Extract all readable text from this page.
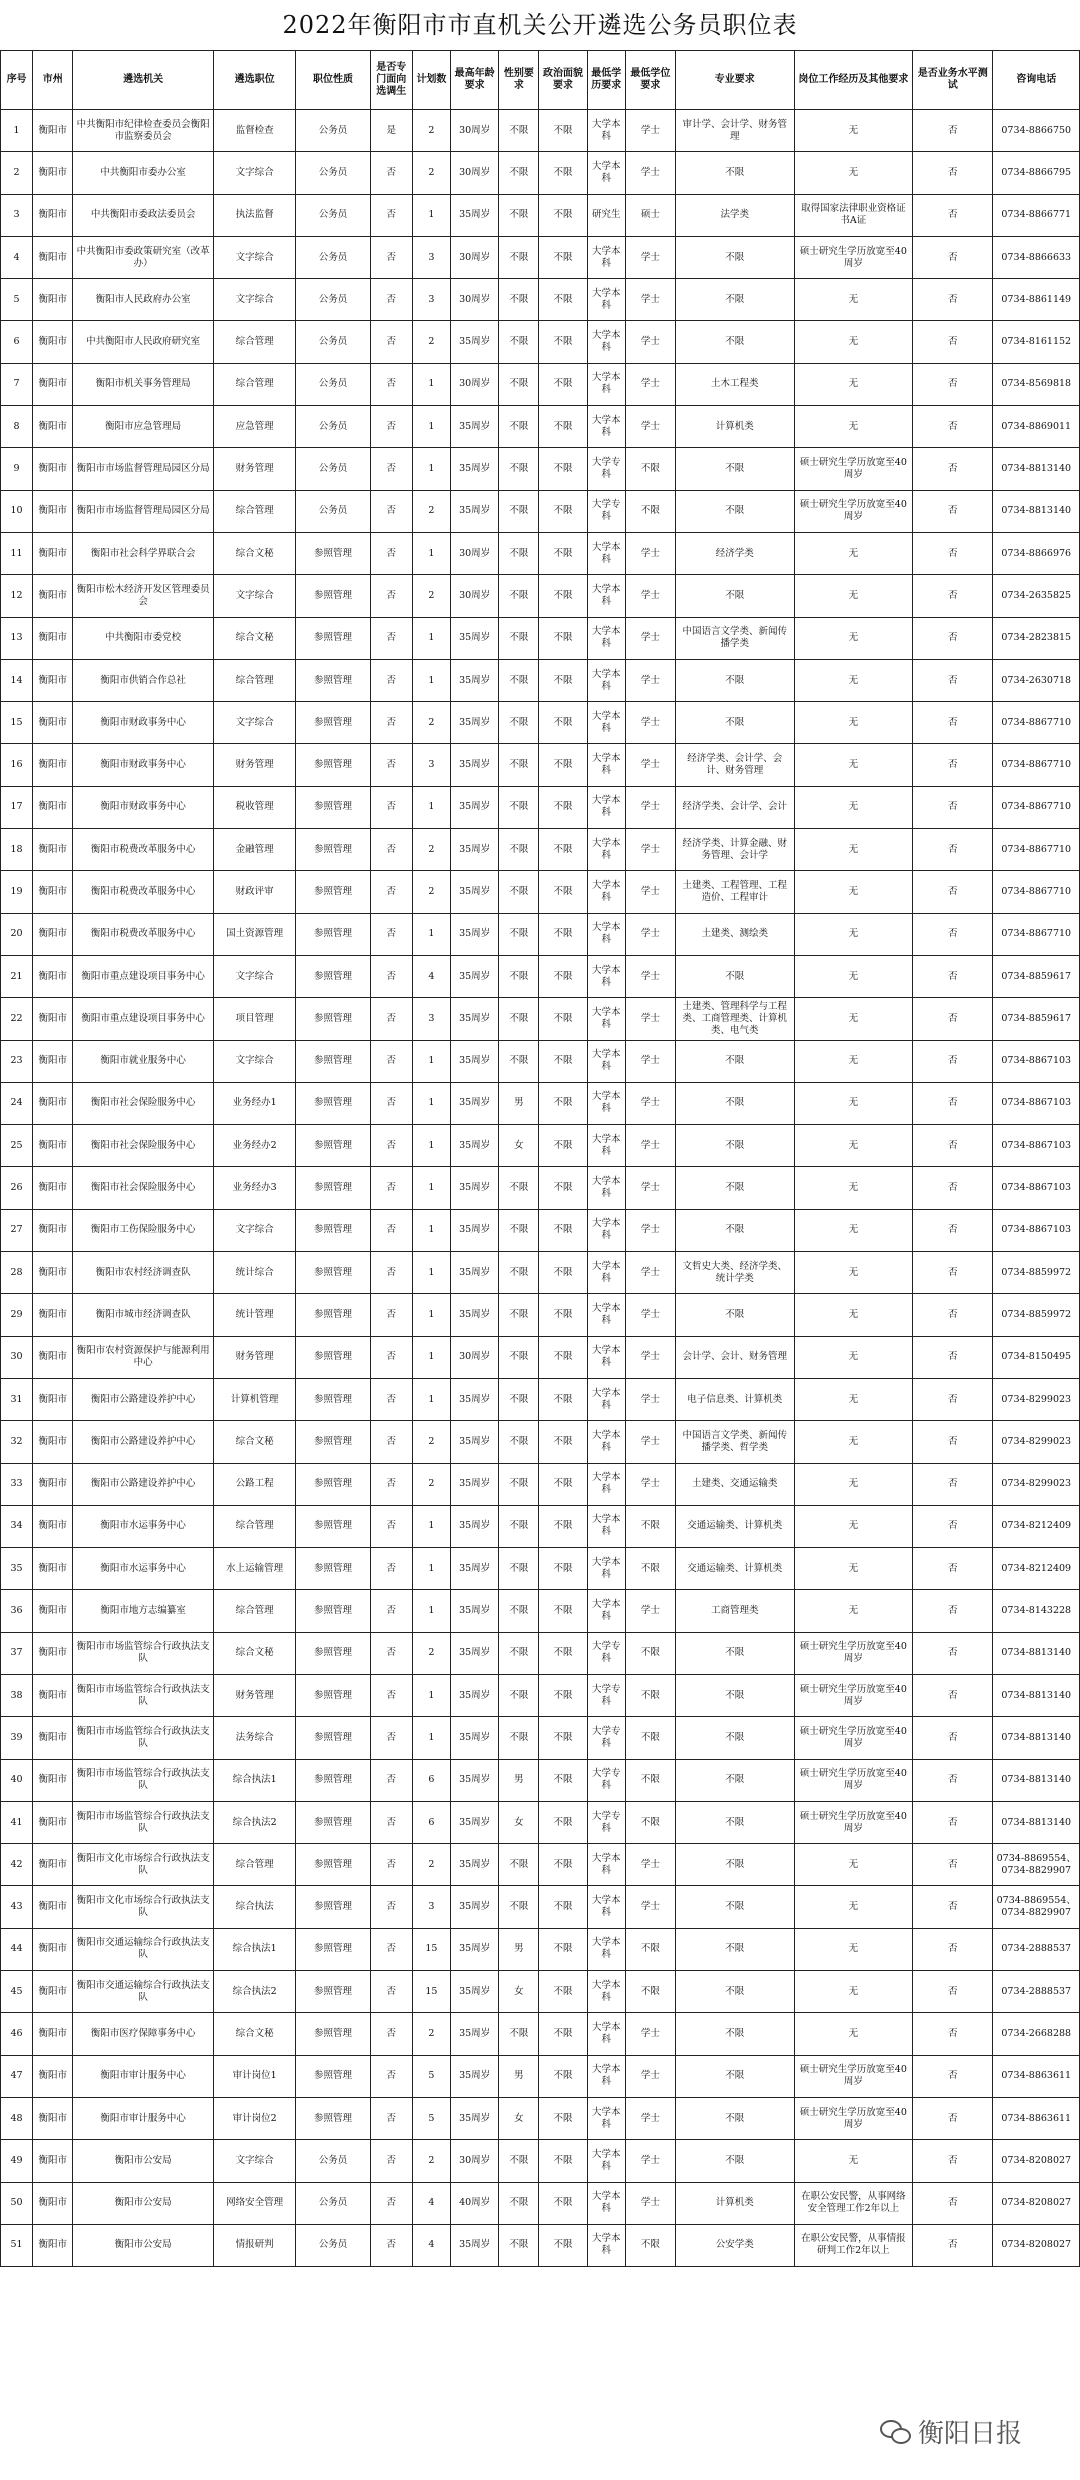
2022年衡阳市市直机关公开遴选公务员职位表
序号	市州	遴选机关	遴选职位	职位性质	是否专门面向选调生	计划数	最高年龄要求	性别要求	政治面貌要求	最低学历要求	最低学位要求	专业要求	岗位工作经历及其他要求	是否业务水平测试	咨询电话
1	衡阳市	中共衡阳市纪律检查委员会衡阳市监察委员会	监督检查	公务员	是	2	30周岁	不限	不限	大学本科	学士	审计学、会计学、财务管理	无	否	0734-8866750
2	衡阳市	中共衡阳市委办公室	文字综合	公务员	否	2	30周岁	不限	不限	大学本科	学士	不限	无	否	0734-8866795
3	衡阳市	中共衡阳市委政法委员会	执法监督	公务员	否	1	35周岁	不限	不限	研究生	硕士	法学类	取得国家法律职业资格证书A证	否	0734-8866771
4	衡阳市	中共衡阳市委政策研究室（改革办）	文字综合	公务员	否	3	30周岁	不限	不限	大学本科	学士	不限	硕士研究生学历放宽至40周岁	否	0734-8866633
5	衡阳市	衡阳市人民政府办公室	文字综合	公务员	否	3	30周岁	不限	不限	大学本科	学士	不限	无	否	0734-8861149
6	衡阳市	中共衡阳市人民政府研究室	综合管理	公务员	否	2	35周岁	不限	不限	大学本科	学士	不限	无	否	0734-8161152
7	衡阳市	衡阳市机关事务管理局	综合管理	公务员	否	1	30周岁	不限	不限	大学本科	学士	土木工程类	无	否	0734-8569818
8	衡阳市	衡阳市应急管理局	应急管理	公务员	否	1	35周岁	不限	不限	大学本科	学士	计算机类	无	否	0734-8869011
9	衡阳市	衡阳市市场监督管理局园区分局	财务管理	公务员	否	1	35周岁	不限	不限	大学专科	不限	不限	硕士研究生学历放宽至40周岁	否	0734-8813140
10	衡阳市	衡阳市市场监督管理局园区分局	综合管理	公务员	否	2	35周岁	不限	不限	大学专科	不限	不限	硕士研究生学历放宽至40周岁	否	0734-8813140
11	衡阳市	衡阳市社会科学界联合会	综合文秘	参照管理	否	1	30周岁	不限	不限	大学本科	学士	经济学类	无	否	0734-8866976
12	衡阳市	衡阳市松木经济开发区管理委员会	文字综合	参照管理	否	2	30周岁	不限	不限	大学本科	学士	不限	无	否	0734-2635825
13	衡阳市	中共衡阳市委党校	综合文秘	参照管理	否	1	35周岁	不限	不限	大学本科	学士	中国语言文学类、新闻传播学类	无	否	0734-2823815
14	衡阳市	衡阳市供销合作总社	综合管理	参照管理	否	1	35周岁	不限	不限	大学本科	学士	不限	无	否	0734-2630718
15	衡阳市	衡阳市财政事务中心	文字综合	参照管理	否	2	35周岁	不限	不限	大学本科	学士	不限	无	否	0734-8867710
16	衡阳市	衡阳市财政事务中心	财务管理	参照管理	否	3	35周岁	不限	不限	大学本科	学士	经济学类、会计学、会计、财务管理	无	否	0734-8867710
17	衡阳市	衡阳市财政事务中心	税收管理	参照管理	否	1	35周岁	不限	不限	大学本科	学士	经济学类、会计学、会计	无	否	0734-8867710
18	衡阳市	衡阳市税费改革服务中心	金融管理	参照管理	否	2	35周岁	不限	不限	大学本科	学士	经济学类、计算金融、财务管理、会计学	无	否	0734-8867710
19	衡阳市	衡阳市税费改革服务中心	财政评审	参照管理	否	2	35周岁	不限	不限	大学本科	学士	土建类、工程管理、工程造价、工程审计	无	否	0734-8867710
20	衡阳市	衡阳市税费改革服务中心	国土资源管理	参照管理	否	1	35周岁	不限	不限	大学本科	学士	土建类、测绘类	无	否	0734-8867710
21	衡阳市	衡阳市重点建设项目事务中心	文字综合	参照管理	否	4	35周岁	不限	不限	大学本科	学士	不限	无	否	0734-8859617
22	衡阳市	衡阳市重点建设项目事务中心	项目管理	参照管理	否	3	35周岁	不限	不限	大学本科	学士	土建类、管理科学与工程类、工商管理类、计算机类、电气类	无	否	0734-8859617
23	衡阳市	衡阳市就业服务中心	文字综合	参照管理	否	1	35周岁	不限	不限	大学本科	学士	不限	无	否	0734-8867103
24	衡阳市	衡阳市社会保险服务中心	业务经办1	参照管理	否	1	35周岁	男	不限	大学本科	学士	不限	无	否	0734-8867103
25	衡阳市	衡阳市社会保险服务中心	业务经办2	参照管理	否	1	35周岁	女	不限	大学本科	学士	不限	无	否	0734-8867103
26	衡阳市	衡阳市社会保险服务中心	业务经办3	参照管理	否	1	35周岁	不限	不限	大学本科	学士	不限	无	否	0734-8867103
27	衡阳市	衡阳市工伤保险服务中心	文字综合	参照管理	否	1	35周岁	不限	不限	大学本科	学士	不限	无	否	0734-8867103
28	衡阳市	衡阳市农村经济调查队	统计综合	参照管理	否	1	35周岁	不限	不限	大学本科	学士	文哲史大类、经济学类、统计学类	无	否	0734-8859972
29	衡阳市	衡阳市城市经济调查队	统计管理	参照管理	否	1	35周岁	不限	不限	大学本科	学士	不限	无	否	0734-8859972
30	衡阳市	衡阳市农村资源保护与能源利用中心	财务管理	参照管理	否	1	30周岁	不限	不限	大学本科	学士	会计学、会计、财务管理	无	否	0734-8150495
31	衡阳市	衡阳市公路建设养护中心	计算机管理	参照管理	否	1	35周岁	不限	不限	大学本科	学士	电子信息类、计算机类	无	否	0734-8299023
32	衡阳市	衡阳市公路建设养护中心	综合文秘	参照管理	否	2	35周岁	不限	不限	大学本科	学士	中国语言文学类、新闻传播学类、哲学类	无	否	0734-8299023
33	衡阳市	衡阳市公路建设养护中心	公路工程	参照管理	否	2	35周岁	不限	不限	大学本科	学士	土建类、交通运输类	无	否	0734-8299023
34	衡阳市	衡阳市水运事务中心	综合管理	参照管理	否	1	35周岁	不限	不限	大学本科	不限	交通运输类、计算机类	无	否	0734-8212409
35	衡阳市	衡阳市水运事务中心	水上运输管理	参照管理	否	1	35周岁	不限	不限	大学本科	不限	交通运输类、计算机类	无	否	0734-8212409
36	衡阳市	衡阳市地方志编纂室	综合管理	参照管理	否	1	35周岁	不限	不限	大学本科	学士	工商管理类	无	否	0734-8143228
37	衡阳市	衡阳市市场监管综合行政执法支队	综合文秘	参照管理	否	2	35周岁	不限	不限	大学专科	不限	不限	硕士研究生学历放宽至40周岁	否	0734-8813140
38	衡阳市	衡阳市市场监管综合行政执法支队	财务管理	参照管理	否	1	35周岁	不限	不限	大学专科	不限	不限	硕士研究生学历放宽至40周岁	否	0734-8813140
39	衡阳市	衡阳市市场监管综合行政执法支队	法务综合	参照管理	否	1	35周岁	不限	不限	大学专科	不限	不限	硕士研究生学历放宽至40周岁	否	0734-8813140
40	衡阳市	衡阳市市场监管综合行政执法支队	综合执法1	参照管理	否	6	35周岁	男	不限	大学专科	不限	不限	硕士研究生学历放宽至40周岁	否	0734-8813140
41	衡阳市	衡阳市市场监管综合行政执法支队	综合执法2	参照管理	否	6	35周岁	女	不限	大学专科	不限	不限	硕士研究生学历放宽至40周岁	否	0734-8813140
42	衡阳市	衡阳市文化市场综合行政执法支队	综合管理	参照管理	否	2	35周岁	不限	不限	大学本科	学士	不限	无	否	0734-8869554、0734-8829907
43	衡阳市	衡阳市文化市场综合行政执法支队	综合执法	参照管理	否	3	35周岁	不限	不限	大学本科	学士	不限	无	否	0734-8869554、0734-8829907
44	衡阳市	衡阳市交通运输综合行政执法支队	综合执法1	参照管理	否	15	35周岁	男	不限	大学本科	不限	不限	无	否	0734-2888537
45	衡阳市	衡阳市交通运输综合行政执法支队	综合执法2	参照管理	否	15	35周岁	女	不限	大学本科	不限	不限	无	否	0734-2888537
46	衡阳市	衡阳市医疗保障事务中心	综合文秘	参照管理	否	2	35周岁	不限	不限	大学本科	学士	不限	无	否	0734-2668288
47	衡阳市	衡阳市审计服务中心	审计岗位1	参照管理	否	5	35周岁	男	不限	大学本科	学士	不限	硕士研究生学历放宽至40周岁	否	0734-8863611
48	衡阳市	衡阳市审计服务中心	审计岗位2	参照管理	否	5	35周岁	女	不限	大学本科	学士	不限	硕士研究生学历放宽至40周岁	否	0734-8863611
49	衡阳市	衡阳市公安局	文字综合	公务员	否	2	30周岁	不限	不限	大学本科	学士	不限	无	否	0734-8208027
50	衡阳市	衡阳市公安局	网络安全管理	公务员	否	4	40周岁	不限	不限	大学本科	学士	计算机类	在职公安民警，从事网络安全管理工作2年以上	否	0734-8208027
51	衡阳市	衡阳市公安局	情报研判	公务员	否	4	35周岁	不限	不限	大学本科	不限	公安学类	在职公安民警，从事情报研判工作2年以上	否	0734-8208027
衡阳日报
